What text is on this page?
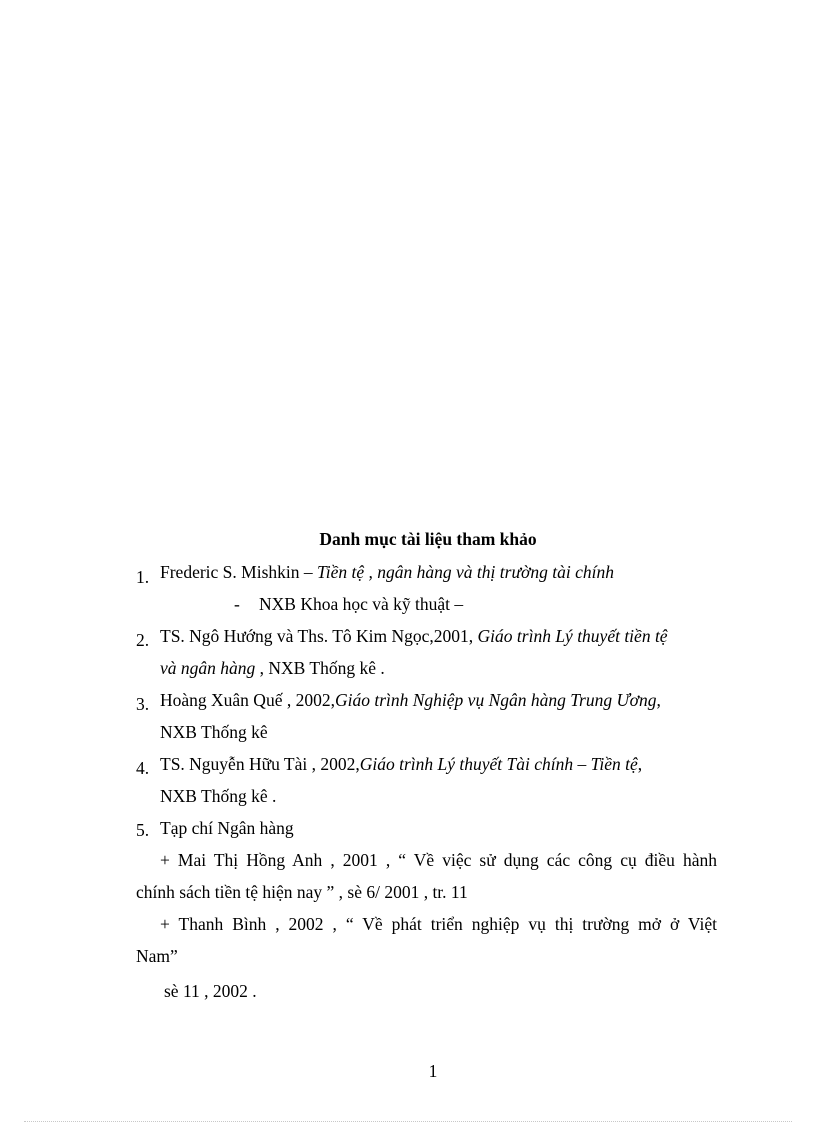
Danh mục tài liệu tham khảo
1. Frederic S. Mishkin – Tiền tệ , ngân hàng và thị trường tài chính
- NXB Khoa học và kỹ thuật –
2. TS. Ngô Hướng và Ths. Tô Kim Ngọc,2001, Giáo trình Lý thuyết tiền tệ
và ngân hàng , NXB Thống kê .
3. Hoàng Xuân Quế , 2002,Giáo trình Nghiệp vụ Ngân hàng Trung Ương,
NXB Thống kê
4. TS. Nguyễn Hữu Tài , 2002,Giáo trình Lý thuyết Tài chính – Tiền tệ,
NXB Thống kê .
5. Tạp chí Ngân hàng
+ Mai Thị Hồng Anh , 2001 , “ Về việc sử dụng các công cụ điều hành
chính sách tiền tệ hiện nay ” , sè 6/ 2001 , tr. 11
+ Thanh Bình , 2002 , “ Về phát triển nghiệp vụ thị trường mở ở Việt
Nam”
sè 11 , 2002 .
1
